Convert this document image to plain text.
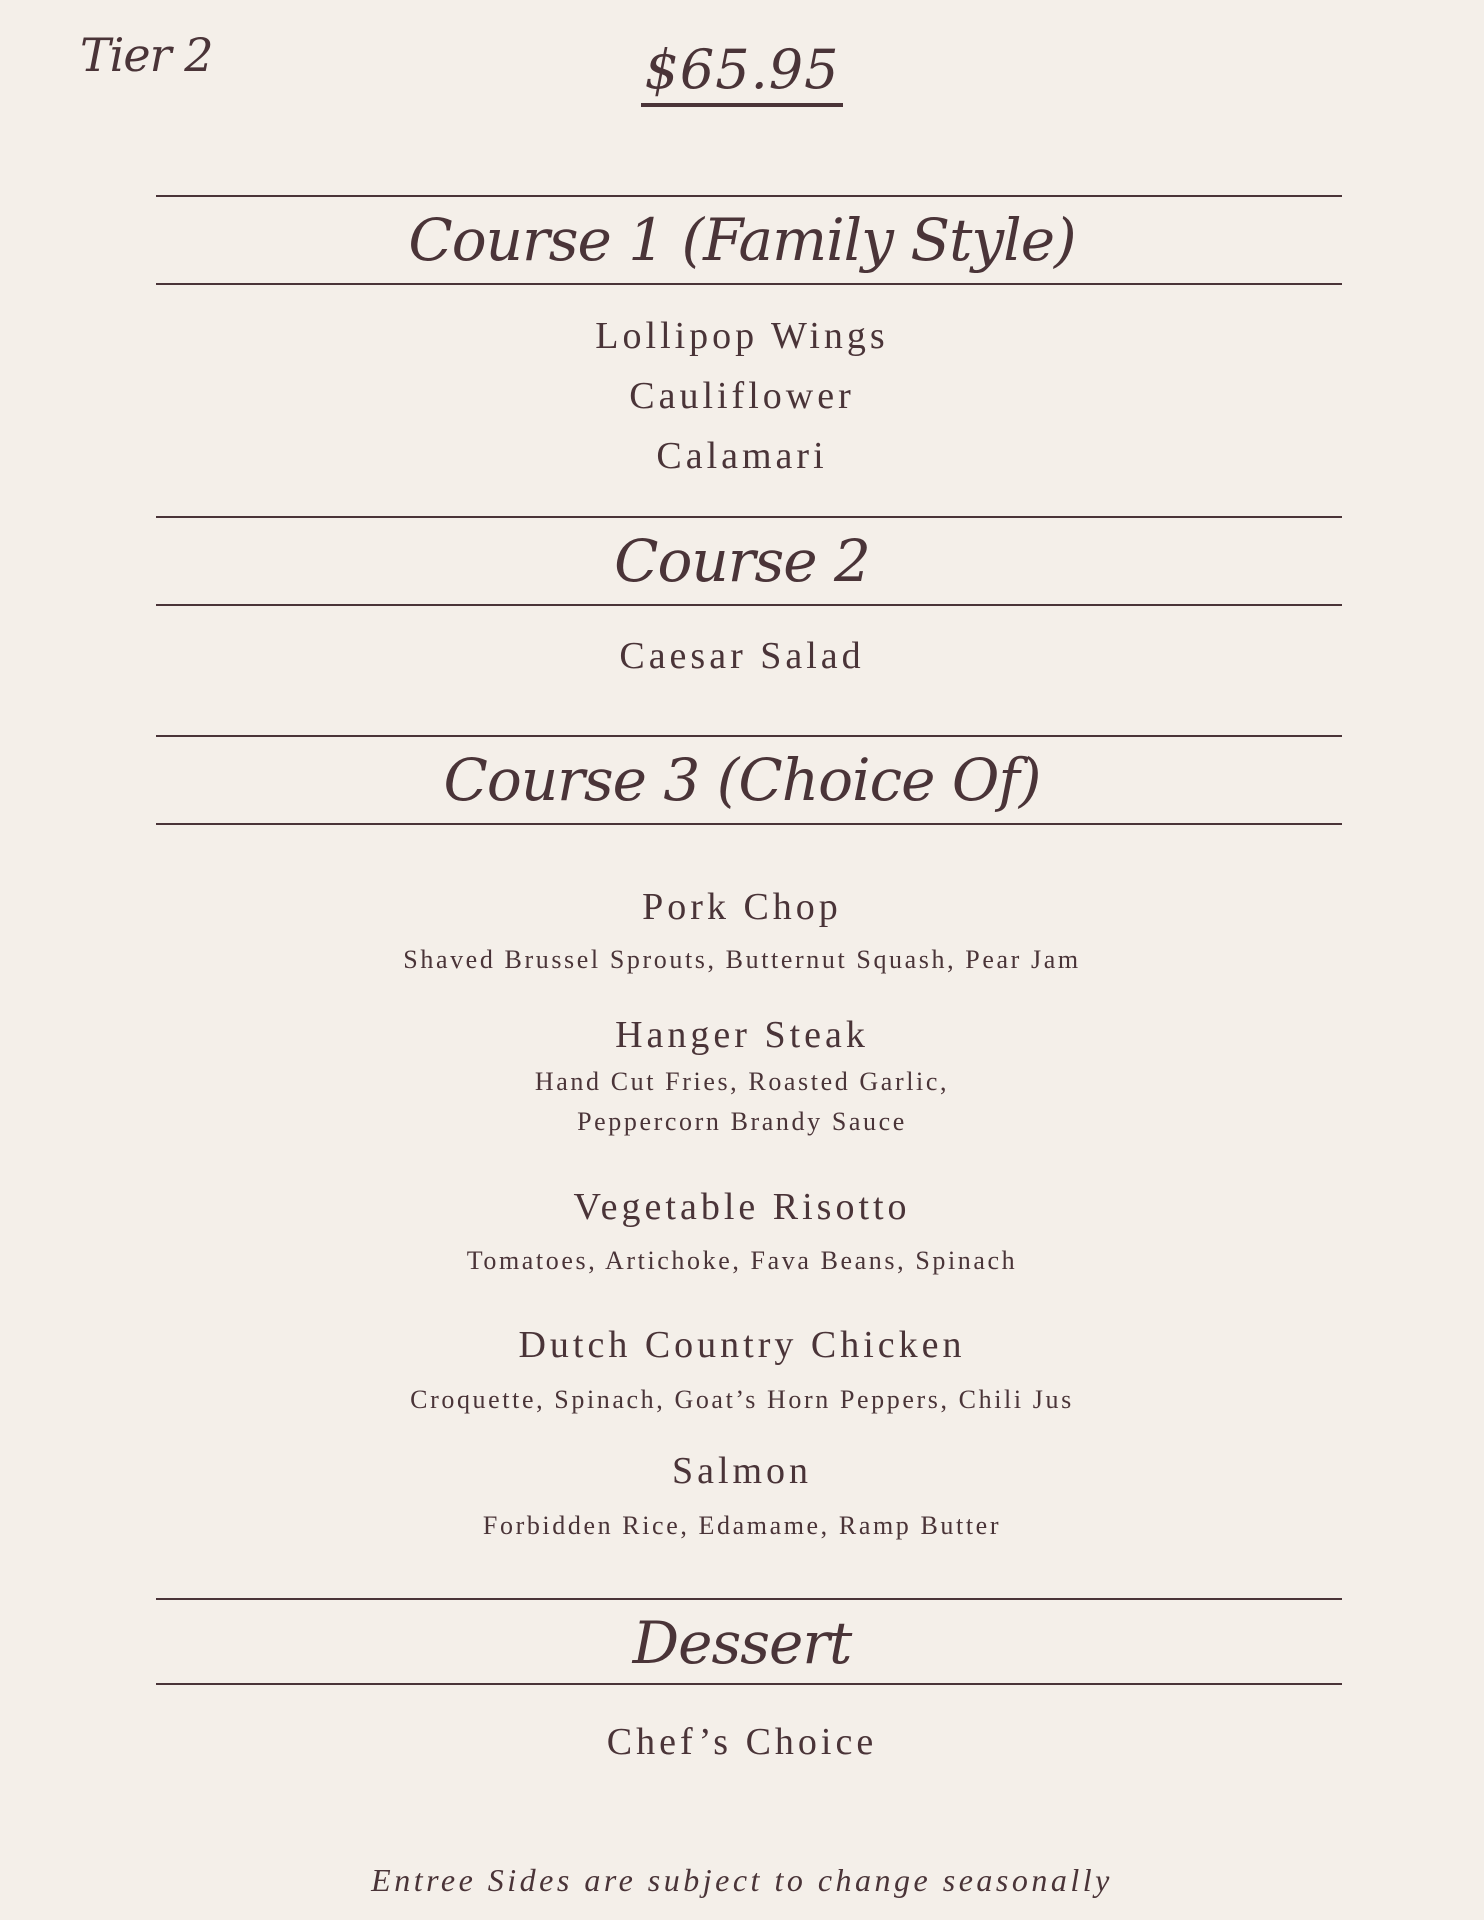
Tier 2	$65.95
Course 1 (Family Style)
Lollipop Wings
Cauliflower
Calamari
Course 2
Caesar Salad
Course 3 (Choice Of)
Pork Chop
Shaved Brussel Sprouts, Butternut Squash, Pear Jam
Hanger Steak
Hand Cut Fries, Roasted Garlic,
Peppercorn Brandy Sauce
Vegetable Risotto
Tomatoes, Artichoke, Fava Beans, Spinach
Dutch Country Chicken
Croquette, Spinach, Goat’s Horn Peppers, Chili Jus
Salmon
Forbidden Rice, Edamame, Ramp Butter
Dessert
Chef’s Choice
Entree Sides are subject to change seasonally
